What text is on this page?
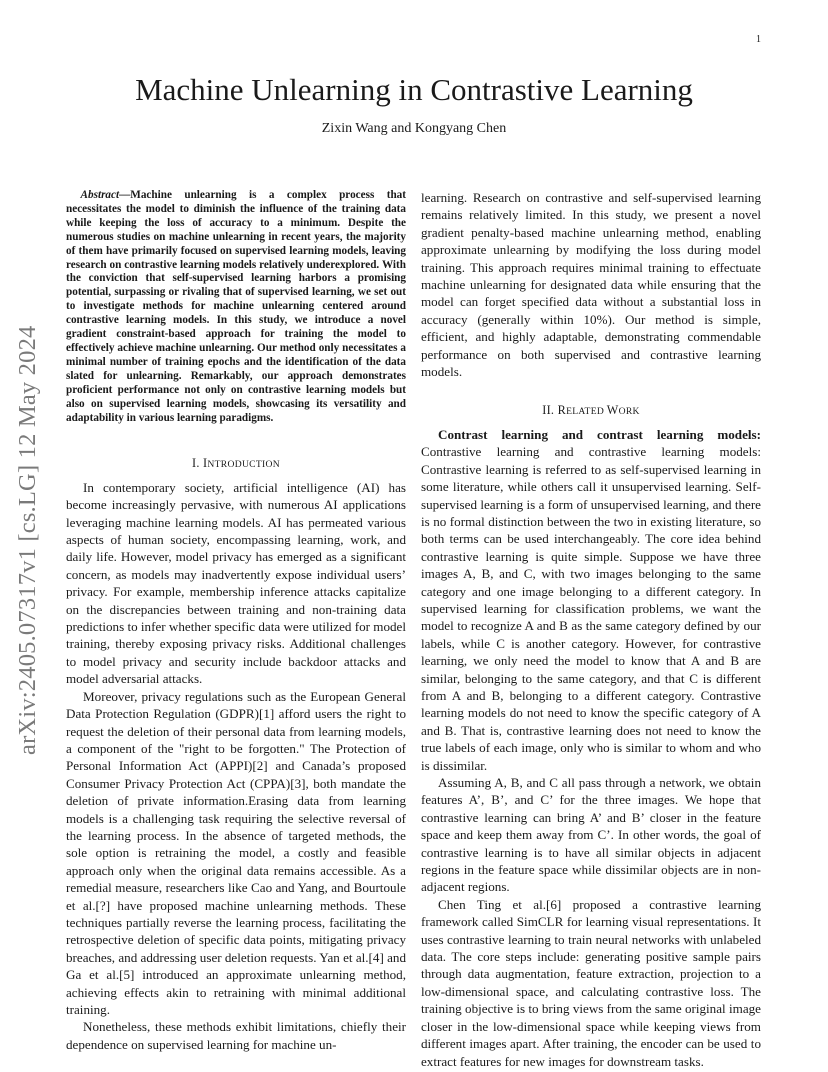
1
arXiv:2405.07317v1 [cs.LG] 12 May 2024
Machine Unlearning in Contrastive Learning
Zixin Wang and Kongyang Chen

Abstract—Machine unlearning is a complex process that necessitates the model to diminish the influence of the training data while keeping the loss of accuracy to a minimum. Despite the numerous studies on machine unlearning in recent years, the majority of them have primarily focused on supervised learning models, leaving research on contrastive learning models relatively underexplored. With the conviction that self-supervised learning harbors a promising potential, surpassing or rivaling that of supervised learning, we set out to investigate methods for machine unlearning centered around contrastive learning models. In this study, we introduce a novel gradient constraint-based approach for training the model to effectively achieve machine unlearning. Our method only necessitates a minimal number of training epochs and the identification of the data slated for unlearning. Remarkably, our approach demonstrates proficient performance not only on contrastive learning models but also on supervised learning models, showcasing its versatility and adaptability in various learning paradigms.

I. INTRODUCTION

In contemporary society, artificial intelligence (AI) has become increasingly pervasive, with numerous AI applications leveraging machine learning models. AI has permeated various aspects of human society, encompassing learning, work, and daily life. However, model privacy has emerged as a significant concern, as models may inadvertently expose individual users’ privacy. For example, membership inference attacks capitalize on the discrepancies between training and non-training data predictions to infer whether specific data were utilized for model training, thereby exposing privacy risks. Additional challenges to model privacy and security include backdoor attacks and model adversarial attacks.

Moreover, privacy regulations such as the European General Data Protection Regulation (GDPR)[1] afford users the right to request the deletion of their personal data from learning models, a component of the "right to be forgotten." The Protection of Personal Information Act (APPI)[2] and Canada’s proposed Consumer Privacy Protection Act (CPPA)[3], both mandate the deletion of private information.Erasing data from learning models is a challenging task requiring the selective reversal of the learning process. In the absence of targeted methods, the sole option is retraining the model, a costly and feasible approach only when the original data remains accessible. As a remedial measure, researchers like Cao and Yang, and Bourtoule et al.[?] have proposed machine unlearning methods. These techniques partially reverse the learning process, facilitating the retrospective deletion of specific data points, mitigating privacy breaches, and addressing user deletion requests. Yan et al.[4] and Ga et al.[5] introduced an approximate unlearning method, achieving effects akin to retraining with minimal additional training.

Nonetheless, these methods exhibit limitations, chiefly their dependence on supervised learning for machine un-

learning. Research on contrastive and self-supervised learning remains relatively limited. In this study, we present a novel gradient penalty-based machine unlearning method, enabling approximate unlearning by modifying the loss during model training. This approach requires minimal training to effectuate machine unlearning for designated data while ensuring that the model can forget specified data without a substantial loss in accuracy (generally within 10%). Our method is simple, efficient, and highly adaptable, demonstrating commendable performance on both supervised and contrastive learning models.

II. RELATED WORK

Contrast learning and contrast learning models: Contrastive learning and contrastive learning models: Contrastive learning is referred to as self-supervised learning in some literature, while others call it unsupervised learning. Self-supervised learning is a form of unsupervised learning, and there is no formal distinction between the two in existing literature, so both terms can be used interchangeably. The core idea behind contrastive learning is quite simple. Suppose we have three images A, B, and C, with two images belonging to the same category and one image belonging to a different category. In supervised learning for classification problems, we want the model to recognize A and B as the same category defined by our labels, while C is another category. However, for contrastive learning, we only need the model to know that A and B are similar, belonging to the same category, and that C is different from A and B, belonging to a different category. Contrastive learning models do not need to know the specific category of A and B. That is, contrastive learning does not need to know the true labels of each image, only who is similar to whom and who is dissimilar.

Assuming A, B, and C all pass through a network, we obtain features A’, B’, and C’ for the three images. We hope that contrastive learning can bring A’ and B’ closer in the feature space and keep them away from C’. In other words, the goal of contrastive learning is to have all similar objects in adjacent regions in the feature space while dissimilar objects are in non-adjacent regions.

Chen Ting et al.[6] proposed a contrastive learning framework called SimCLR for learning visual representations. It uses contrastive learning to train neural networks with unlabeled data. The core steps include: generating positive sample pairs through data augmentation, feature extraction, projection to a low-dimensional space, and calculating contrastive loss. The training objective is to bring views from the same original image closer in the low-dimensional space while keeping views from different images apart. After training, the encoder can be used to extract features for new images for downstream tasks.
